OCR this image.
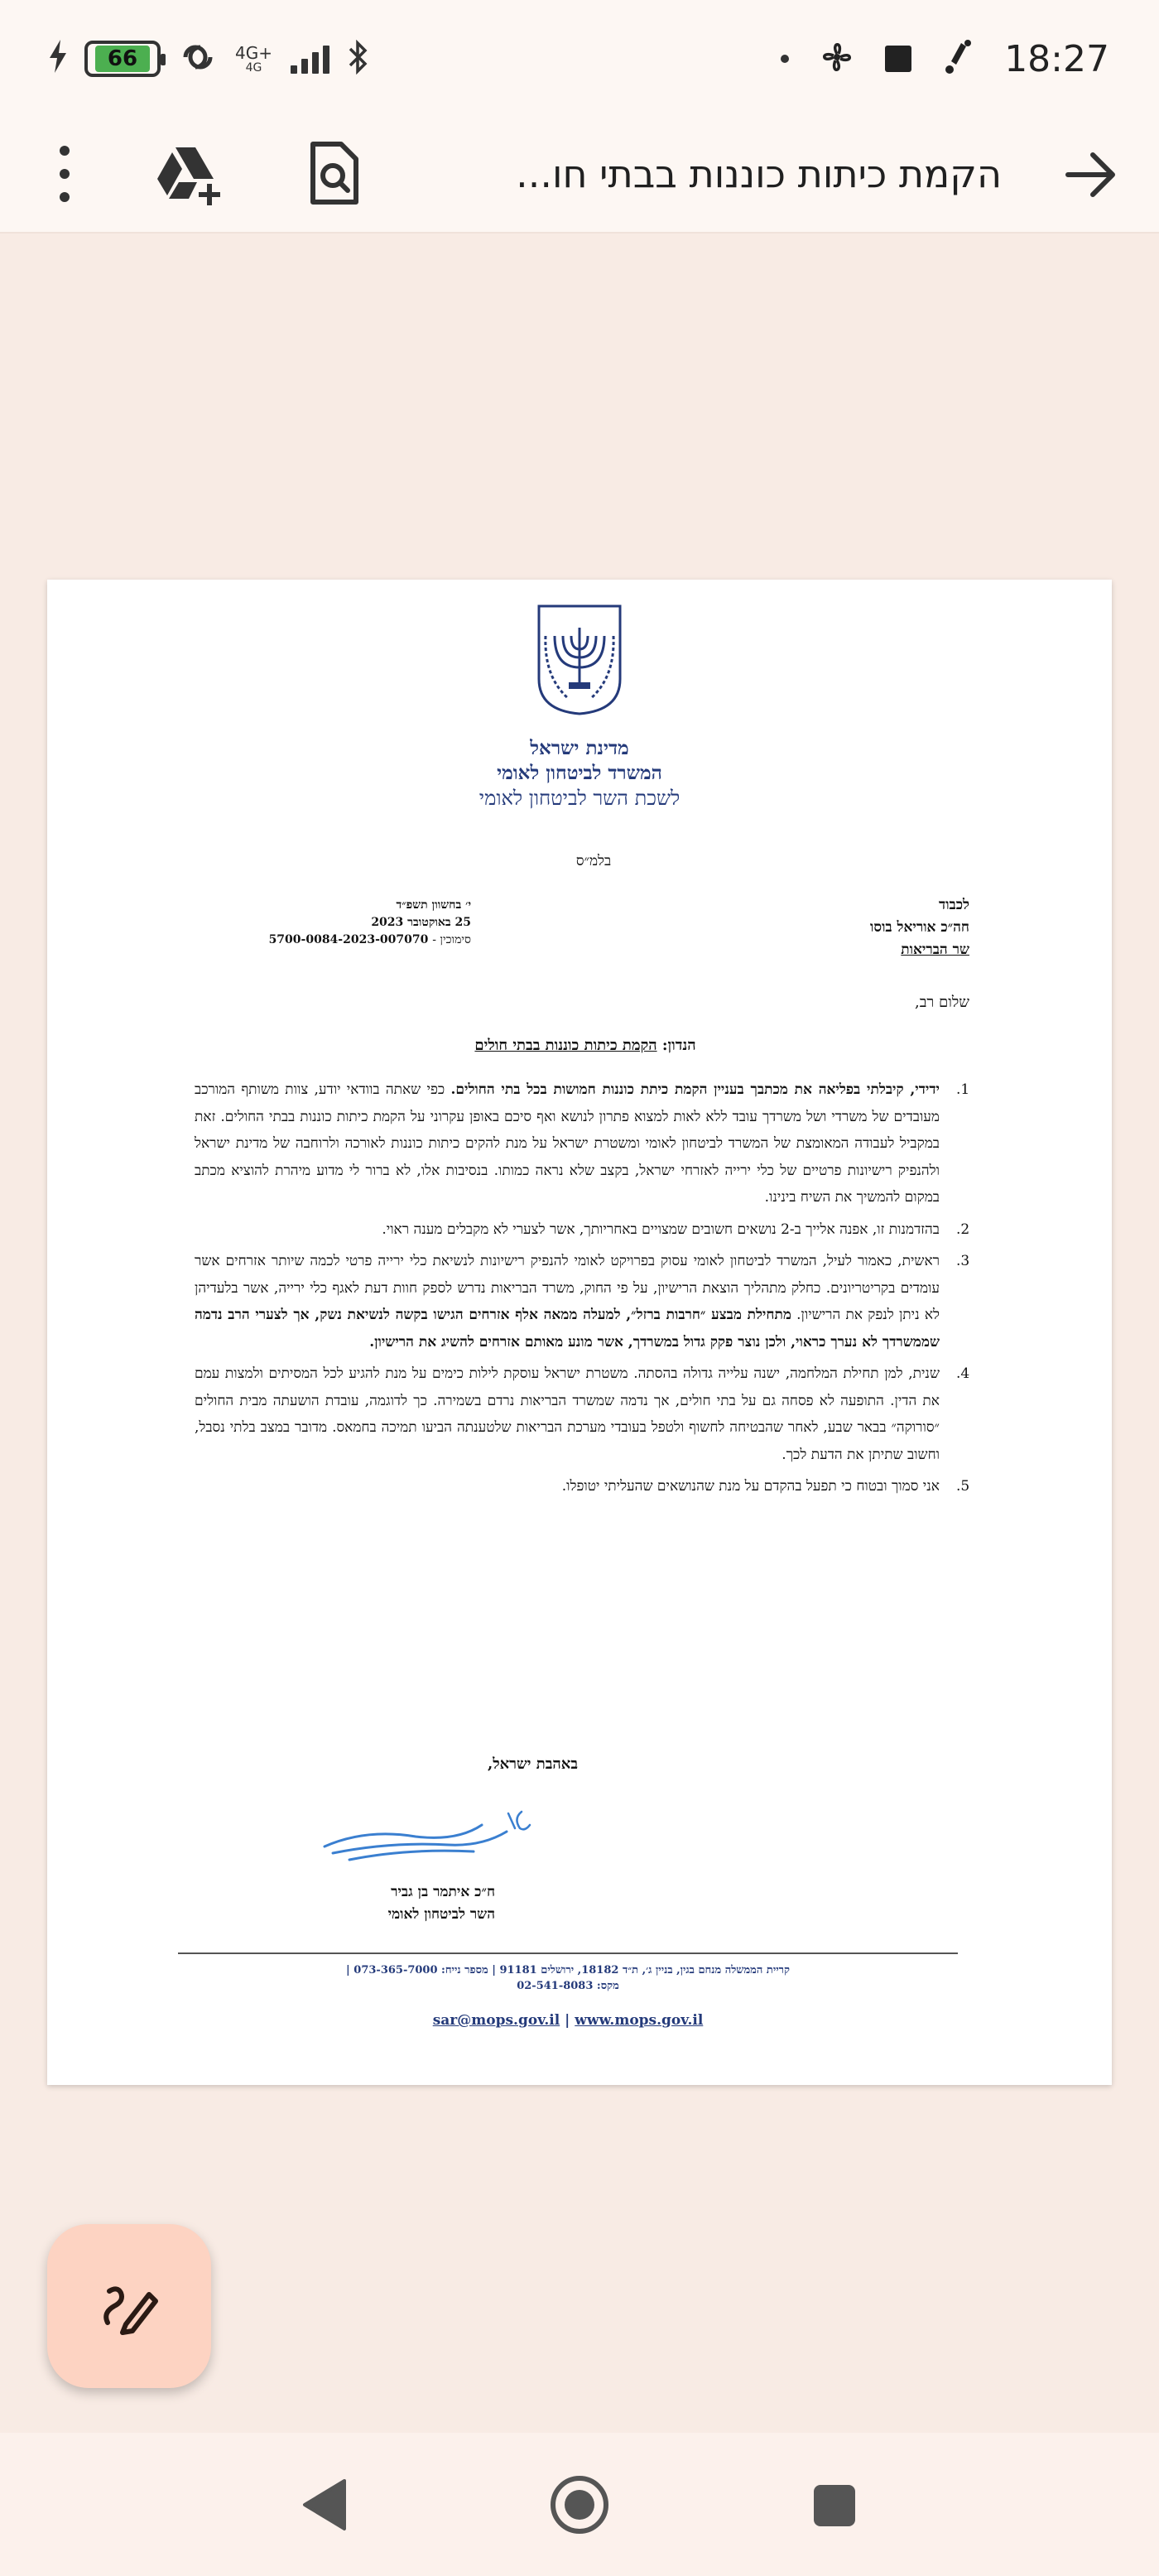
66	4G+
4G	18:27
הקמת כיתות כוננות בבתי חו...
מדינת ישראל
המשרד לביטחון לאומי
לשכת השר לביטחון לאומי
בלמ״ס
לכבוד
חה״כ אוריאל בוסו
שר הבריאות
י׳ בחשוון תשפ״ד
25 באוקטובר 2023
סימוכין - 5700-0084-2023-007070
שלום רב,
הנדון: הקמת כיתות כוננות בבתי חולים
1.
ידידי, קיבלתי בפליאה את מכתבך בעניין הקמת כיתת כוננות חמושות בכל בתי החולים. כפי שאתה בוודאי יודע, צוות משותף המורכב מעובדים של משרדי ושל משרדך עובד ללא לאות למצוא פתרון לנושא ואף סיכם באופן עקרוני על הקמת כיתות כוננות בבתי החולים. זאת במקביל לעבודה המאומצת של המשרד לביטחון לאומי ומשטרת ישראל על מנת להקים כיתות כוננות לאורכה ולרוחבה של מדינת ישראל ולהנפיק רישיונות פרטיים של כלי ירייה לאזרחי ישראל, בקצב שלא נראה כמותו. בנסיבות אלו, לא ברור לי מדוע מיהרת להוציא מכתב במקום להמשיך את השיח בינינו.
2.
בהזדמנות זו, אפנה אלייך ב-2 נושאים חשובים שמצויים באחריותך, אשר לצערי לא מקבלים מענה ראוי.
3.
ראשית, כאמור לעיל, המשרד לביטחון לאומי עסוק בפרויקט לאומי להנפיק רישיונות לנשיאת כלי ירייה פרטי לכמה שיותר אזרחים אשר עומדים בקריטריונים. כחלק מתהליך הוצאת הרישיון, על פי החוק, משרד הבריאות נדרש לספק חוות דעת לאגף כלי ירייה, אשר בלעדיהן לא ניתן לנפק את הרישיון. מתחילת מבצע ״חרבות ברזל״, למעלה ממאה אלף אזרחים הגישו בקשה לנשיאת נשק, אך לצערי הרב נדמה שממשרדך לא נערך כראוי, ולכן נוצר פקק גדול במשרדך, אשר מונע מאותם אזרחים להשיג את הרישיון.
4.
שנית, למן תחילת המלחמה, ישנה עלייה גדולה בהסתה. משטרת ישראל עוסקת לילות כימים על מנת להגיע לכל המסיתים ולמצות עמם את הדין. התופעה לא פסחה גם על בתי חולים, אך נדמה שמשרד הבריאות נרדם בשמירה. כך לדוגמה, עובדת הושעתה מבית החולים ״סורוקה״ בבאר שבע, לאחר שהבטיחה לחשוף ולטפל בעובדי מערכת הבריאות שלטענתה הביעו תמיכה בחמאס. מדובר במצב בלתי נסבל, וחשוב שתיתן את הדעת לכך.
5.
אני סמוך ובטוח כי תפעל בהקדם על מנת שהנושאים שהעליתי יטופלו.
באהבת ישראל,
ח״כ איתמר בן גביר
השר לביטחון לאומי
קריית הממשלה מנחם בגין, בניין ג׳, ת״ד 18182, ירושלים 91181 | מספר נייח: 073-365-7000 |
מקס: 02-541-8083
sar@mops.gov.il | www.mops.gov.il
